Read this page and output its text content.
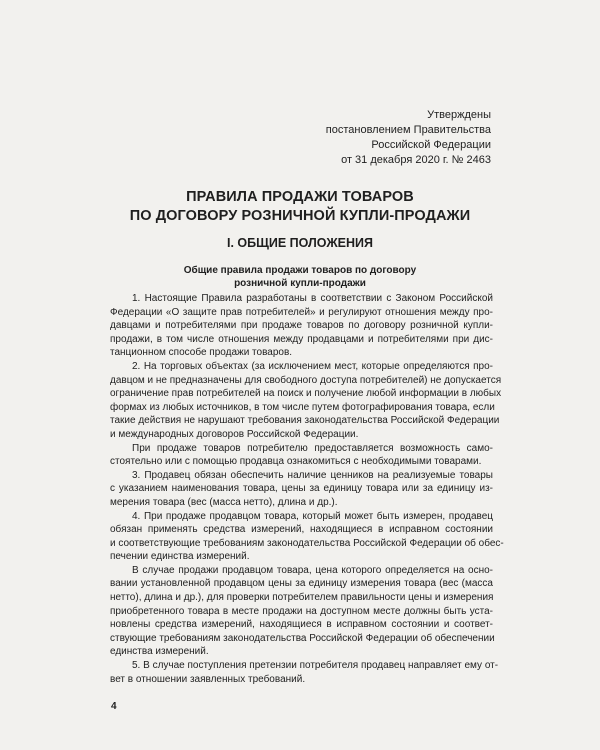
Утверждены
постановлением Правительства
Российской Федерации
от 31 декабря 2020 г. № 2463
ПРАВИЛА ПРОДАЖИ ТОВАРОВ
ПО ДОГОВОРУ РОЗНИЧНОЙ КУПЛИ-ПРОДАЖИ
I. ОБЩИЕ ПОЛОЖЕНИЯ
Общие правила продажи товаров по договору
розничной купли-продажи
1. Настоящие Правила разработаны в соответствии с Законом Российской
Федерации «О защите прав потребителей» и регулируют отношения между про-
давцами и потребителями при продаже товаров по договору розничной купли-
продажи, в том числе отношения между продавцами и потребителями при дис-
танционном способе продажи товаров.
2. На торговых объектах (за исключением мест, которые определяются про-
давцом и не предназначены для свободного доступа потребителей) не допускается
ограничение прав потребителей на поиск и получение любой информации в любых
формах из любых источников, в том числе путем фотографирования товара, если
такие действия не нарушают требования законодательства Российской Федерации
и международных договоров Российской Федерации.
При продаже товаров потребителю предоставляется возможность само-
стоятельно или с помощью продавца ознакомиться с необходимыми товарами.
3. Продавец обязан обеспечить наличие ценников на реализуемые товары
с указанием наименования товара, цены за единицу товара или за единицу из-
мерения товара (вес (масса нетто), длина и др.).
4. При продаже продавцом товара, который может быть измерен, продавец
обязан применять средства измерений, находящиеся в исправном состоянии
и соответствующие требованиям законодательства Российской Федерации об обес-
печении единства измерений.
В случае продажи продавцом товара, цена которого определяется на осно-
вании установленной продавцом цены за единицу измерения товара (вес (масса
нетто), длина и др.), для проверки потребителем правильности цены и измерения
приобретенного товара в месте продажи на доступном месте должны быть уста-
новлены средства измерений, находящиеся в исправном состоянии и соответ-
ствующие требованиям законодательства Российской Федерации об обеспечении
единства измерений.
5. В случае поступления претензии потребителя продавец направляет ему от-
вет в отношении заявленных требований.
4
